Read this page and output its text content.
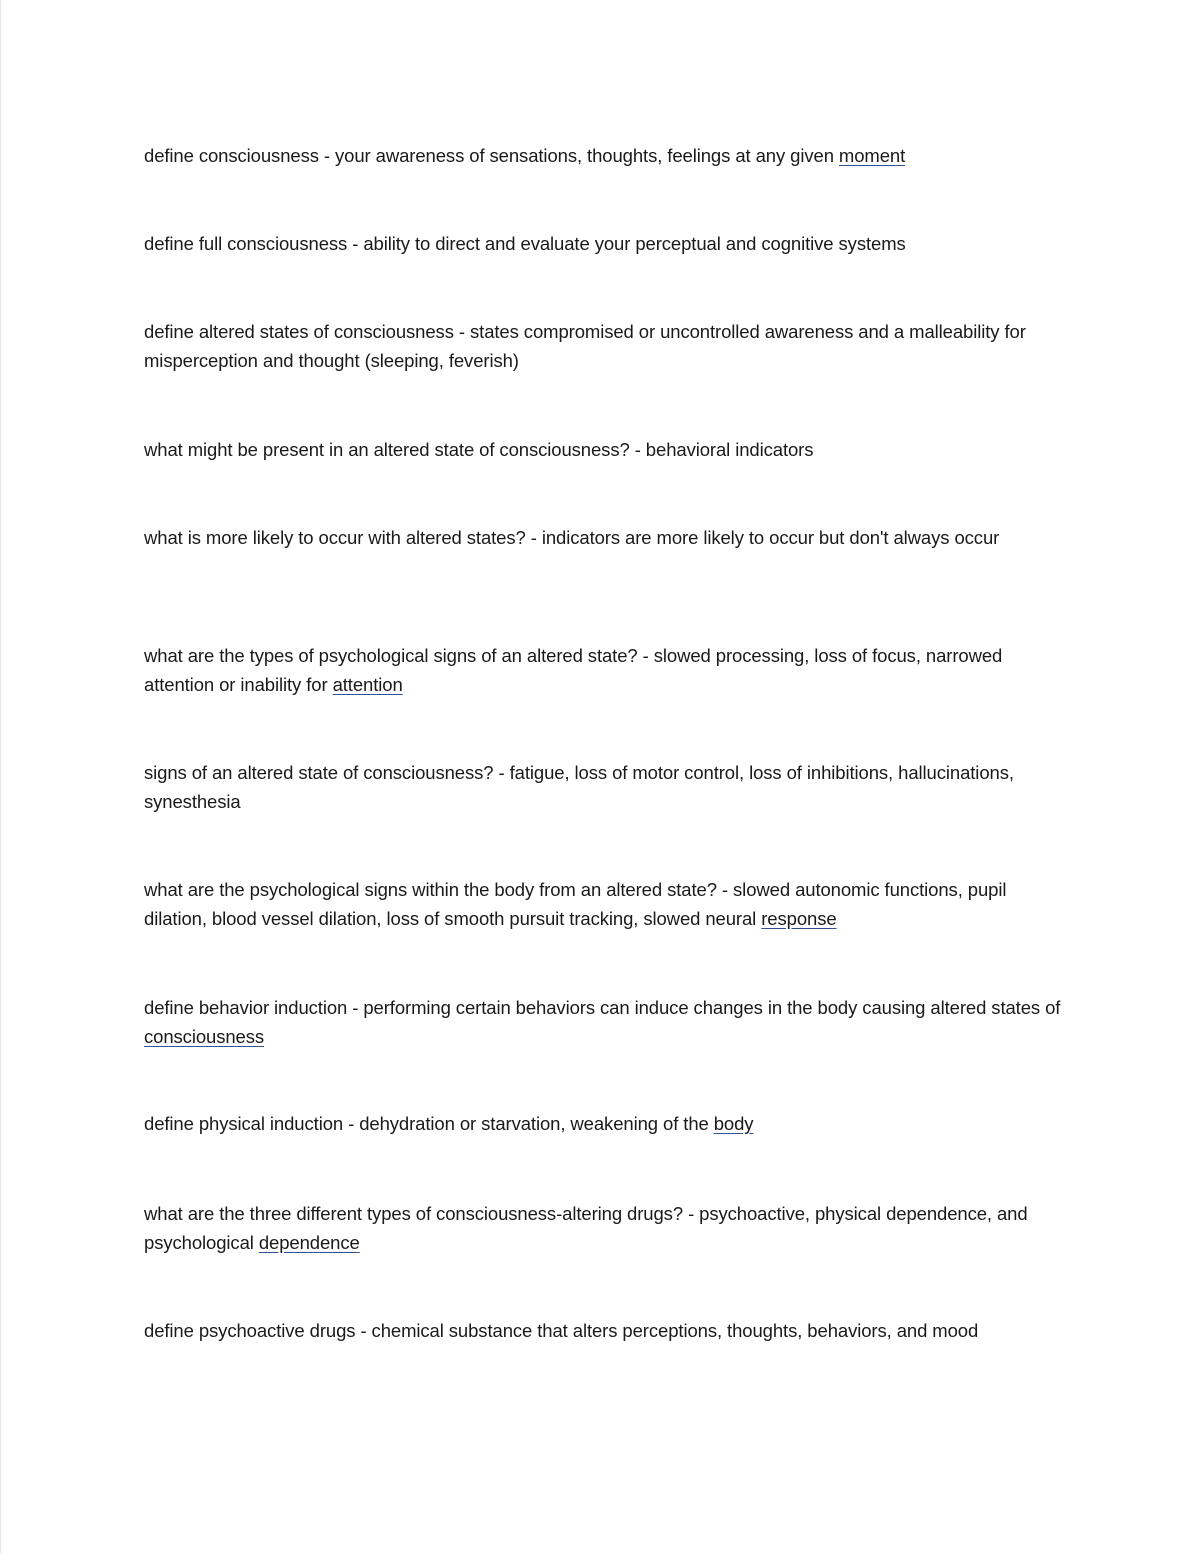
define consciousness - your awareness of sensations, thoughts, feelings at any given moment
define full consciousness - ability to direct and evaluate your perceptual and cognitive systems
define altered states of consciousness - states compromised or uncontrolled awareness and a malleability for misperception and thought (sleeping, feverish)
what might be present in an altered state of consciousness? - behavioral indicators
what is more likely to occur with altered states? - indicators are more likely to occur but don't always occur
what are the types of psychological signs of an altered state? - slowed processing, loss of focus, narrowed attention or inability for attention
signs of an altered state of consciousness? - fatigue, loss of motor control, loss of inhibitions, hallucinations, synesthesia
what are the psychological signs within the body from an altered state? - slowed autonomic functions, pupil dilation, blood vessel dilation, loss of smooth pursuit tracking, slowed neural response
define behavior induction - performing certain behaviors can induce changes in the body causing altered states of consciousness
define physical induction - dehydration or starvation, weakening of the body
what are the three different types of consciousness-altering drugs? - psychoactive, physical dependence, and psychological dependence
define psychoactive drugs - chemical substance that alters perceptions, thoughts, behaviors, and mood
